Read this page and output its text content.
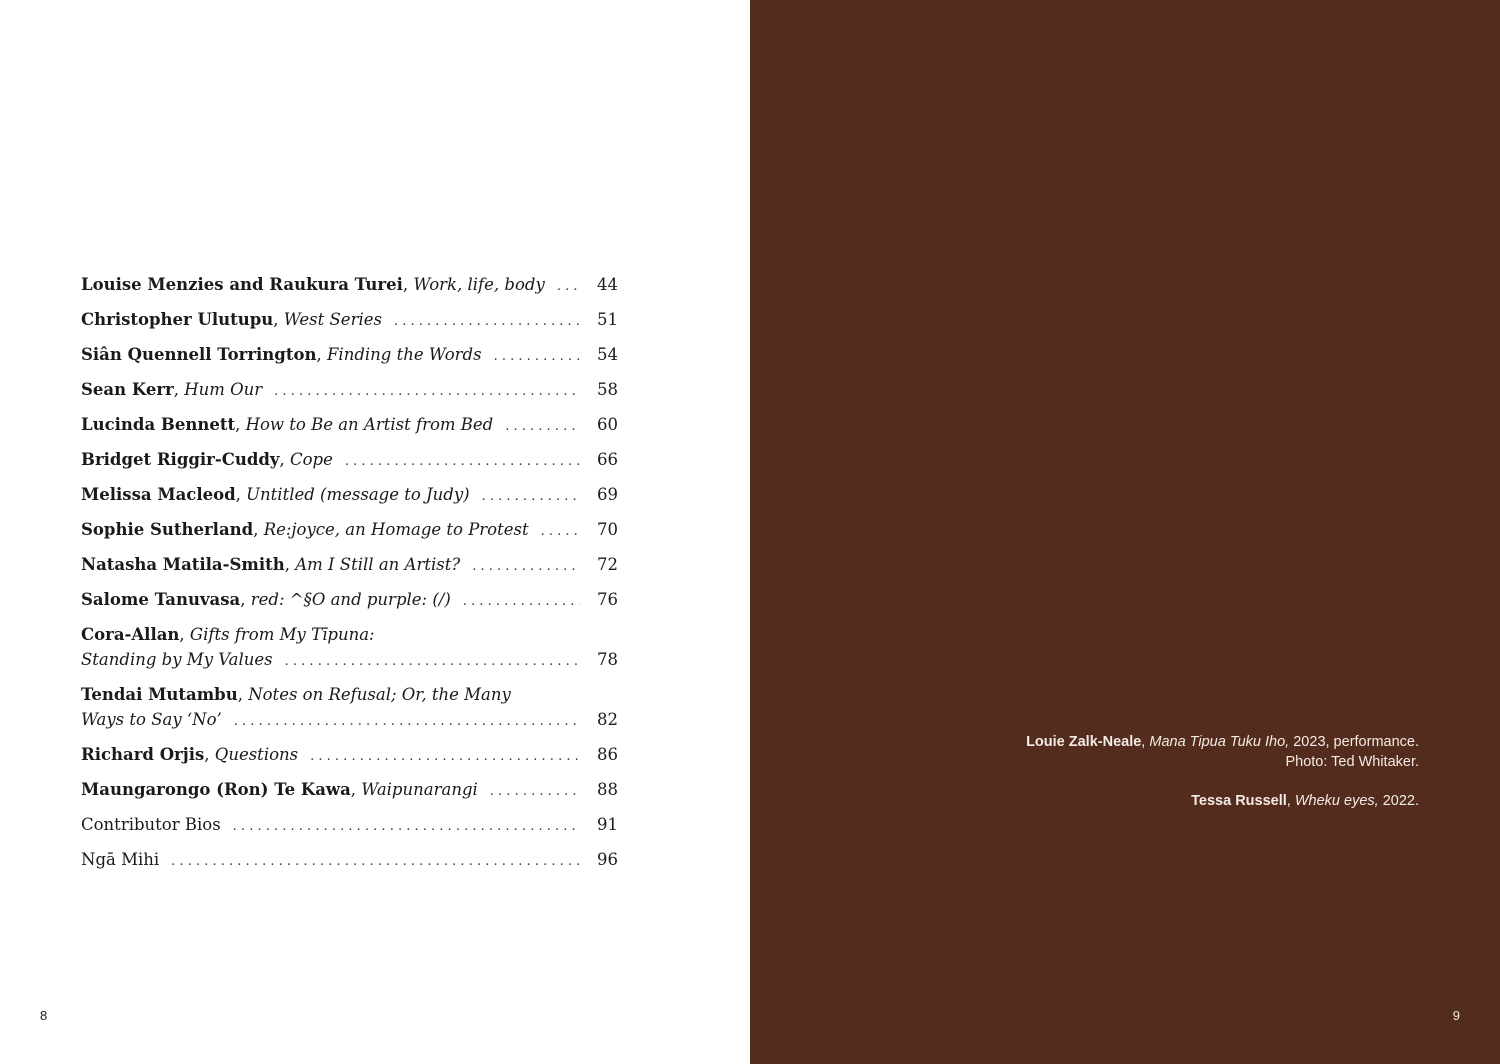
Louise Menzies and Raukura Turei, Work, life, body . . .	44
Christopher Ulutupu, West Series . . .	51
Siân Quennell Torrington, Finding the Words . . .	54
Sean Kerr, Hum Our . . .	58
Lucinda Bennett, How to Be an Artist from Bed . . .	60
Bridget Riggir-Cuddy, Cope . . .	66
Melissa Macleod, Untitled (message to Judy) . . .	69
Sophie Sutherland, Re:joyce, an Homage to Protest . . .	70
Natasha Matila-Smith, Am I Still an Artist? . . .	72
Salome Tanuvasa, red: ^§O and purple: (/) . . .	76
Cora-Allan, Gifts from My Tīpuna:
Standing by My Values . . .	78
Tendai Mutambu, Notes on Refusal; Or, the Many
Ways to Say ‘No’ . . .	82
Richard Orjis, Questions . . .	86
Maungarongo (Ron) Te Kawa, Waipunarangi . . .	88
Contributor Bios . . .	91
Ngā Mihi . . .	96
8
Louie Zalk-Neale, Mana Tipua Tuku Iho, 2023, performance.
Photo: Ted Whitaker.
Tessa Russell, Wheku eyes, 2022.
9
